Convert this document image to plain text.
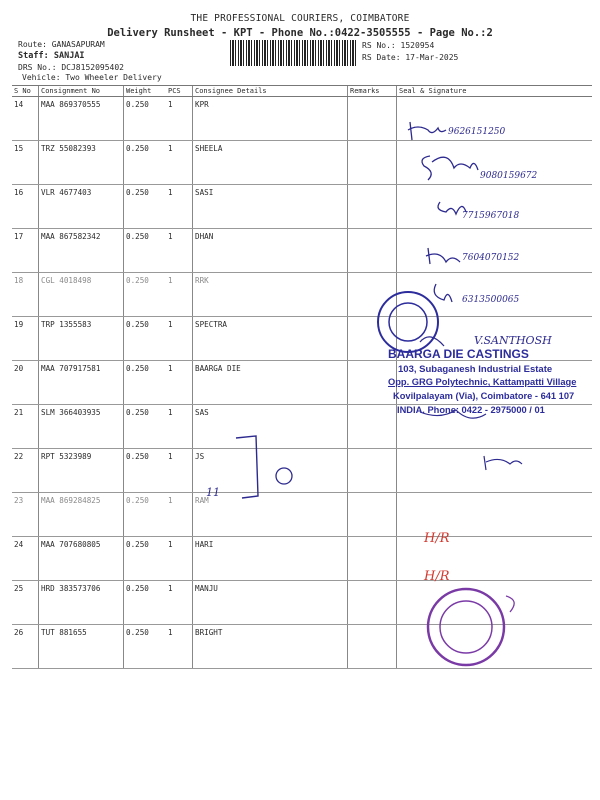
THE PROFESSIONAL COURIERS, COIMBATORE
Delivery Runsheet - KPT - Phone No.:0422-3505555 - Page No.:2
Route: GANASAPURAM
Staff: SANJAI
DRS No.: DCJ8152095402
Vehicle: Two Wheeler Delivery
RS No.: 1520954
RS Date: 17-Mar-2025
S No	Consignment No	Weight	PCS	Consignee Details	Remarks	Seal & Signature
14	MAA 869370555	0.250	1	KPR		
15	TRZ 55082393	0.250	1	SHEELA		
16	VLR 4677403	0.250	1	SASI		
17	MAA 867582342	0.250	1	DHAN		
18	CGL 4018498	0.250	1	RRK		
19	TRP 1355583	0.250	1	SPECTRA		
20	MAA 707917581	0.250	1	BAARGA DIE		
21	SLM 366403935	0.250	1	SAS		
22	RPT 5323989	0.250	1	JS		
23	MAA 869284825	0.250	1	RAM		
24	MAA 707680805	0.250	1	HARI		
25	HRD 383573706	0.250	1	MANJU		
26	TUT 881655	0.250	1	BRIGHT		
9626151250
9080159672
7715967018
7604070152
6313500065
V.SANTHOSH
11
H/R
H/R
BAARGA DIE CASTINGS
103, Subaganesh Industrial Estate
Opp. GRG Polytechnic, Kattampatti Village
Kovilpalayam (Via), Coimbatore - 641 107
INDIA. Phone: 0422 - 2975000 / 01
